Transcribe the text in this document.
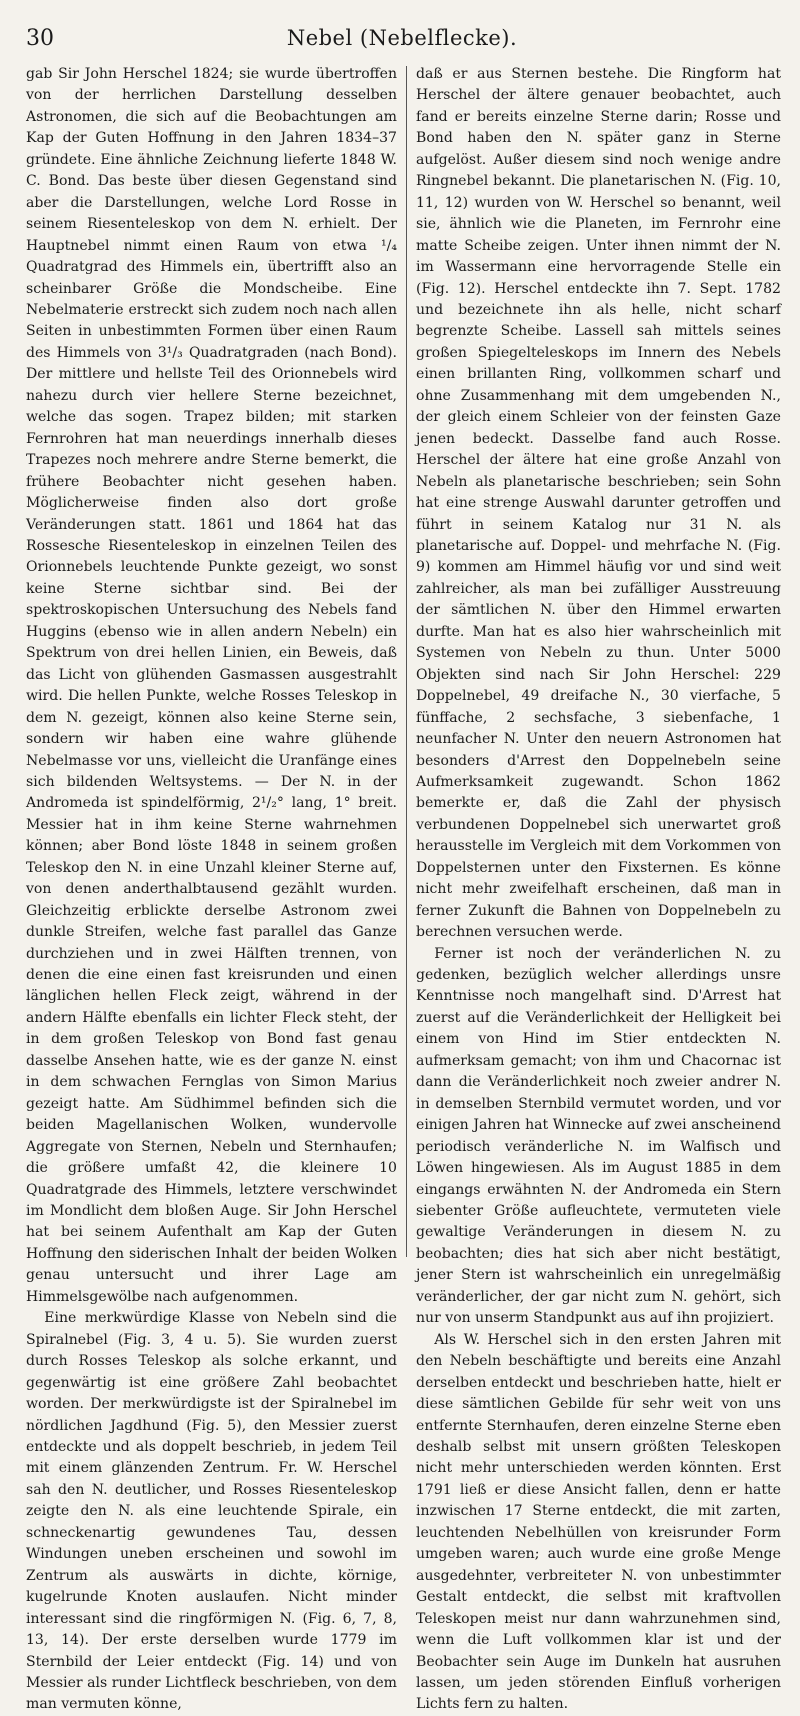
30	Nebel (Nebelflecke).

gab Sir John Herschel 1824; sie wurde übertroffen von der herrlichen Darstellung desselben Astronomen, die sich auf die Beobachtungen am Kap der Guten Hoffnung in den Jahren 1834–37 gründete. Eine ähnliche Zeichnung lieferte 1848 W. C. Bond. Das beste über diesen Gegenstand sind aber die Darstellungen, welche Lord Rosse in seinem Riesenteleskop von dem N. erhielt. Der Hauptnebel nimmt einen Raum von etwa ¹/₄ Quadratgrad des Himmels ein, übertrifft also an scheinbarer Größe die Mondscheibe. Eine Nebelmaterie erstreckt sich zudem noch nach allen Seiten in unbestimmten Formen über einen Raum des Himmels von 3¹/₃ Quadratgraden (nach Bond). Der mittlere und hellste Teil des Orionnebels wird nahezu durch vier hellere Sterne bezeichnet, welche das sogen. Trapez bilden; mit starken Fernrohren hat man neuerdings innerhalb dieses Trapezes noch mehrere andre Sterne bemerkt, die frühere Beobachter nicht gesehen haben. Möglicherweise finden also dort große Veränderungen statt. 1861 und 1864 hat das Rossesche Riesenteleskop in einzelnen Teilen des Orionnebels leuchtende Punkte gezeigt, wo sonst keine Sterne sichtbar sind. Bei der spektroskopischen Untersuchung des Nebels fand Huggins (ebenso wie in allen andern Nebeln) ein Spektrum von drei hellen Linien, ein Beweis, daß das Licht von glühenden Gasmassen ausgestrahlt wird. Die hellen Punkte, welche Rosses Teleskop in dem N. gezeigt, können also keine Sterne sein, sondern wir haben eine wahre glühende Nebelmasse vor uns, vielleicht die Uranfänge eines sich bildenden Weltsystems. — Der N. in der Andromeda ist spindelförmig, 2¹/₂° lang, 1° breit. Messier hat in ihm keine Sterne wahrnehmen können; aber Bond löste 1848 in seinem großen Teleskop den N. in eine Unzahl kleiner Sterne auf, von denen anderthalbtausend gezählt wurden. Gleichzeitig erblickte derselbe Astronom zwei dunkle Streifen, welche fast parallel das Ganze durchziehen und in zwei Hälften trennen, von denen die eine einen fast kreisrunden und einen länglichen hellen Fleck zeigt, während in der andern Hälfte ebenfalls ein lichter Fleck steht, der in dem großen Teleskop von Bond fast genau dasselbe Ansehen hatte, wie es der ganze N. einst in dem schwachen Fernglas von Simon Marius gezeigt hatte. Am Südhimmel befinden sich die beiden Magellanischen Wolken, wundervolle Aggregate von Sternen, Nebeln und Sternhaufen; die größere umfaßt 42, die kleinere 10 Quadratgrade des Himmels, letztere verschwindet im Mondlicht dem bloßen Auge. Sir John Herschel hat bei seinem Aufenthalt am Kap der Guten Hoffnung den siderischen Inhalt der beiden Wolken genau untersucht und ihrer Lage am Himmelsgewölbe nach aufgenommen.

Eine merkwürdige Klasse von Nebeln sind die Spiralnebel (Fig. 3, 4 u. 5). Sie wurden zuerst durch Rosses Teleskop als solche erkannt, und gegenwärtig ist eine größere Zahl beobachtet worden. Der merkwürdigste ist der Spiralnebel im nördlichen Jagdhund (Fig. 5), den Messier zuerst entdeckte und als doppelt beschrieb, in jedem Teil mit einem glänzenden Zentrum. Fr. W. Herschel sah den N. deutlicher, und Rosses Riesenteleskop zeigte den N. als eine leuchtende Spirale, ein schneckenartig gewundenes Tau, dessen Windungen uneben erscheinen und sowohl im Zentrum als auswärts in dichte, körnige, kugelrunde Knoten auslaufen. Nicht minder interessant sind die ringförmigen N. (Fig. 6, 7, 8, 13, 14). Der erste derselben wurde 1779 im Sternbild der Leier entdeckt (Fig. 14) und von Messier als runder Lichtfleck beschrieben, von dem man vermuten könne,

daß er aus Sternen bestehe. Die Ringform hat Herschel der ältere genauer beobachtet, auch fand er bereits einzelne Sterne darin; Rosse und Bond haben den N. später ganz in Sterne aufgelöst. Außer diesem sind noch wenige andre Ringnebel bekannt. Die planetarischen N. (Fig. 10, 11, 12) wurden von W. Herschel so benannt, weil sie, ähnlich wie die Planeten, im Fernrohr eine matte Scheibe zeigen. Unter ihnen nimmt der N. im Wassermann eine hervorragende Stelle ein (Fig. 12). Herschel entdeckte ihn 7. Sept. 1782 und bezeichnete ihn als helle, nicht scharf begrenzte Scheibe. Lassell sah mittels seines großen Spiegelteleskops im Innern des Nebels einen brillanten Ring, vollkommen scharf und ohne Zusammenhang mit dem umgebenden N., der gleich einem Schleier von der feinsten Gaze jenen bedeckt. Dasselbe fand auch Rosse. Herschel der ältere hat eine große Anzahl von Nebeln als planetarische beschrieben; sein Sohn hat eine strenge Auswahl darunter getroffen und führt in seinem Katalog nur 31 N. als planetarische auf. Doppel- und mehrfache N. (Fig. 9) kommen am Himmel häufig vor und sind weit zahlreicher, als man bei zufälliger Ausstreuung der sämtlichen N. über den Himmel erwarten durfte. Man hat es also hier wahrscheinlich mit Systemen von Nebeln zu thun. Unter 5000 Objekten sind nach Sir John Herschel: 229 Doppelnebel, 49 dreifache N., 30 vierfache, 5 fünffache, 2 sechsfache, 3 siebenfache, 1 neunfacher N. Unter den neuern Astronomen hat besonders d'Arrest den Doppelnebeln seine Aufmerksamkeit zugewandt. Schon 1862 bemerkte er, daß die Zahl der physisch verbundenen Doppelnebel sich unerwartet groß herausstelle im Vergleich mit dem Vorkommen von Doppelsternen unter den Fixsternen. Es könne nicht mehr zweifelhaft erscheinen, daß man in ferner Zukunft die Bahnen von Doppelnebeln zu berechnen versuchen werde.

Ferner ist noch der veränderlichen N. zu gedenken, bezüglich welcher allerdings unsre Kenntnisse noch mangelhaft sind. D'Arrest hat zuerst auf die Veränderlichkeit der Helligkeit bei einem von Hind im Stier entdeckten N. aufmerksam gemacht; von ihm und Chacornac ist dann die Veränderlichkeit noch zweier andrer N. in demselben Sternbild vermutet worden, und vor einigen Jahren hat Winnecke auf zwei anscheinend periodisch veränderliche N. im Walfisch und Löwen hingewiesen. Als im August 1885 in dem eingangs erwähnten N. der Andromeda ein Stern siebenter Größe aufleuchtete, vermuteten viele gewaltige Veränderungen in diesem N. zu beobachten; dies hat sich aber nicht bestätigt, jener Stern ist wahrscheinlich ein unregelmäßig veränderlicher, der gar nicht zum N. gehört, sich nur von unserm Standpunkt aus auf ihn projiziert.

Als W. Herschel sich in den ersten Jahren mit den Nebeln beschäftigte und bereits eine Anzahl derselben entdeckt und beschrieben hatte, hielt er diese sämtlichen Gebilde für sehr weit von uns entfernte Sternhaufen, deren einzelne Sterne eben deshalb selbst mit unsern größten Teleskopen nicht mehr unterschieden werden könnten. Erst 1791 ließ er diese Ansicht fallen, denn er hatte inzwischen 17 Sterne entdeckt, die mit zarten, leuchtenden Nebelhüllen von kreisrunder Form umgeben waren; auch wurde eine große Menge ausgedehnter, verbreiteter N. von unbestimmter Gestalt entdeckt, die selbst mit kraftvollen Teleskopen meist nur dann wahrzunehmen sind, wenn die Luft vollkommen klar ist und der Beobachter sein Auge im Dunkeln hat ausruhen lassen, um jeden störenden Einfluß vorherigen Lichts fern zu halten.
